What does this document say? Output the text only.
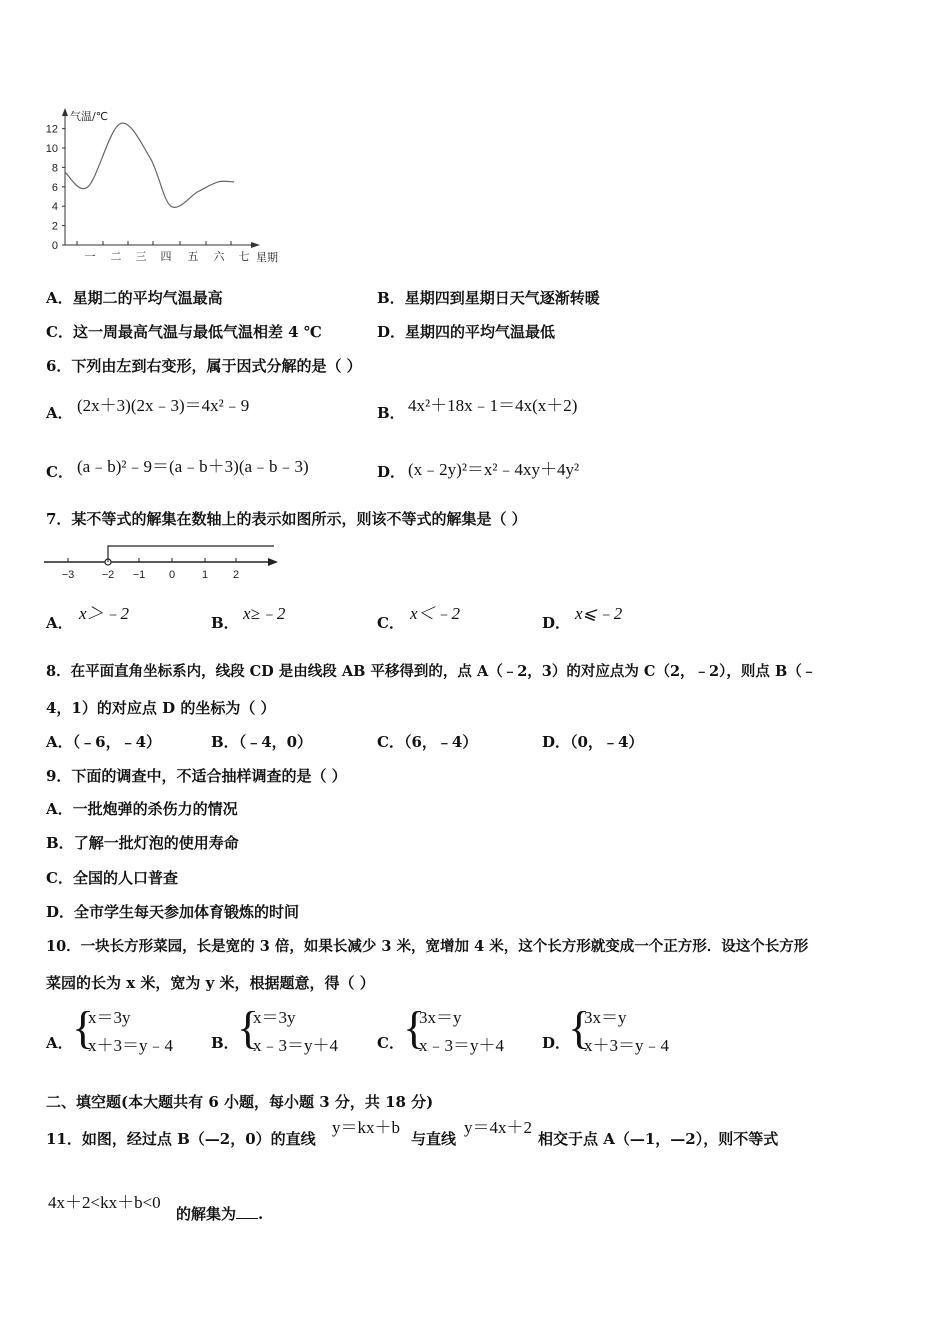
气温/℃
12
10
8
6
4
2
0
一 二 三 四 五 六 七 星期
A．星期二的平均气温最高	B．星期四到星期日天气逐渐转暖
C．这一周最高气温与最低气温相差 4 ℃	D．星期四的平均气温最低
6．下列由左到右变形，属于因式分解的是（ ）
A． (2x＋3)(2x﹣3)＝4x²﹣9	B． 4x²＋18x﹣1＝4x(x＋2)
C． (a﹣b)²﹣9＝(a﹣b＋3)(a﹣b﹣3)	D． (x﹣2y)²＝x²﹣4xy＋4y²
7．某不等式的解集在数轴上的表示如图所示，则该不等式的解集是（ ）
−3 −2 −1 0 1 2
A． x＞﹣2	B． x≥﹣2	C． x＜﹣2	D． x⩽﹣2
8．在平面直角坐标系内，线段 CD 是由线段 AB 平移得到的，点 A（﹣2，3）的对应点为 C（2，﹣2），则点 B（﹣
4，1）的对应点 D 的坐标为（ ）
A．（﹣6，﹣4）	B．（﹣4，0）	C．（6，﹣4）	D．（0，﹣4）
9．下面的调查中，不适合抽样调查的是（ ）
A．一批炮弹的杀伤力的情况
B．了解一批灯泡的使用寿命
C．全国的人口普查
D．全市学生每天参加体育锻炼的时间
10．一块长方形菜园，长是宽的 3 倍，如果长减少 3 米，宽增加 4 米，这个长方形就变成一个正方形．设这个长方形
菜园的长为 x 米，宽为 y 米，根据题意，得（ ）
A． {
x＝3y
x＋3＝y﹣4	B．
{
x＝3y
x﹣3＝y＋4	C． {
3x＝y
x﹣3＝y＋4	D．
{
3x＝y
x＋3＝y﹣4
二、填空题(本大题共有 6 小题，每小题 3 分，共 18 分)
11．如图，经过点 B（—2，0）的直线
y＝kx＋b
与直线
y＝4x＋2
相交于点 A（—1，—2），则不等式
4x＋2<kx＋b<0
的解集为 .
